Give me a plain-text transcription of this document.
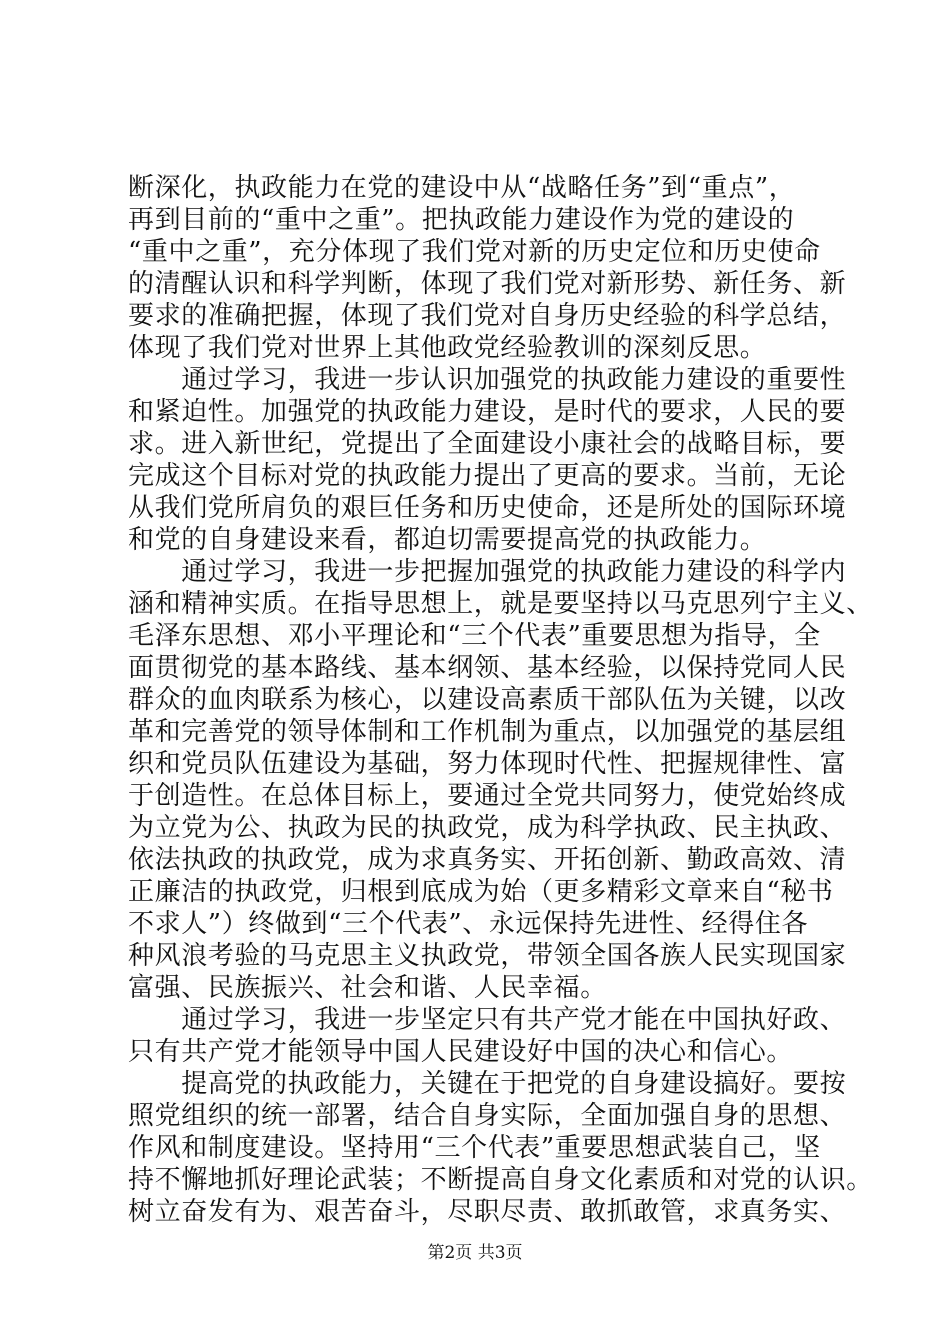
断深化，执政能力在党的建设中从“战略任务”到“重点”，
再到目前的“重中之重”。把执政能力建设作为党的建设的
“重中之重”，充分体现了我们党对新的历史定位和历史使命
的清醒认识和科学判断，体现了我们党对新形势、新任务、新
要求的准确把握，体现了我们党对自身历史经验的科学总结，
体现了我们党对世界上其他政党经验教训的深刻反思。
　　通过学习，我进一步认识加强党的执政能力建设的重要性
和紧迫性。加强党的执政能力建设，是时代的要求，人民的要
求。进入新世纪，党提出了全面建设小康社会的战略目标，要
完成这个目标对党的执政能力提出了更高的要求。当前，无论
从我们党所肩负的艰巨任务和历史使命，还是所处的国际环境
和党的自身建设来看，都迫切需要提高党的执政能力。
　　通过学习，我进一步把握加强党的执政能力建设的科学内
涵和精神实质。在指导思想上，就是要坚持以马克思列宁主义、
毛泽东思想、邓小平理论和“三个代表”重要思想为指导，全
面贯彻党的基本路线、基本纲领、基本经验，以保持党同人民
群众的血肉联系为核心，以建设高素质干部队伍为关键，以改
革和完善党的领导体制和工作机制为重点，以加强党的基层组
织和党员队伍建设为基础，努力体现时代性、把握规律性、富
于创造性。在总体目标上，要通过全党共同努力，使党始终成
为立党为公、执政为民的执政党，成为科学执政、民主执政、
依法执政的执政党，成为求真务实、开拓创新、勤政高效、清
正廉洁的执政党，归根到底成为始（更多精彩文章来自“秘书
不求人”）终做到“三个代表”、永远保持先进性、经得住各
种风浪考验的马克思主义执政党，带领全国各族人民实现国家
富强、民族振兴、社会和谐、人民幸福。
　　通过学习，我进一步坚定只有共产党才能在中国执好政、
只有共产党才能领导中国人民建设好中国的决心和信心。
　　提高党的执政能力，关键在于把党的自身建设搞好。要按
照党组织的统一部署，结合自身实际，全面加强自身的思想、
作风和制度建设。坚持用“三个代表”重要思想武装自己，坚
持不懈地抓好理论武装；不断提高自身文化素质和对党的认识。
树立奋发有为、艰苦奋斗，尽职尽责、敢抓敢管，求真务实、
第2页 共3页
